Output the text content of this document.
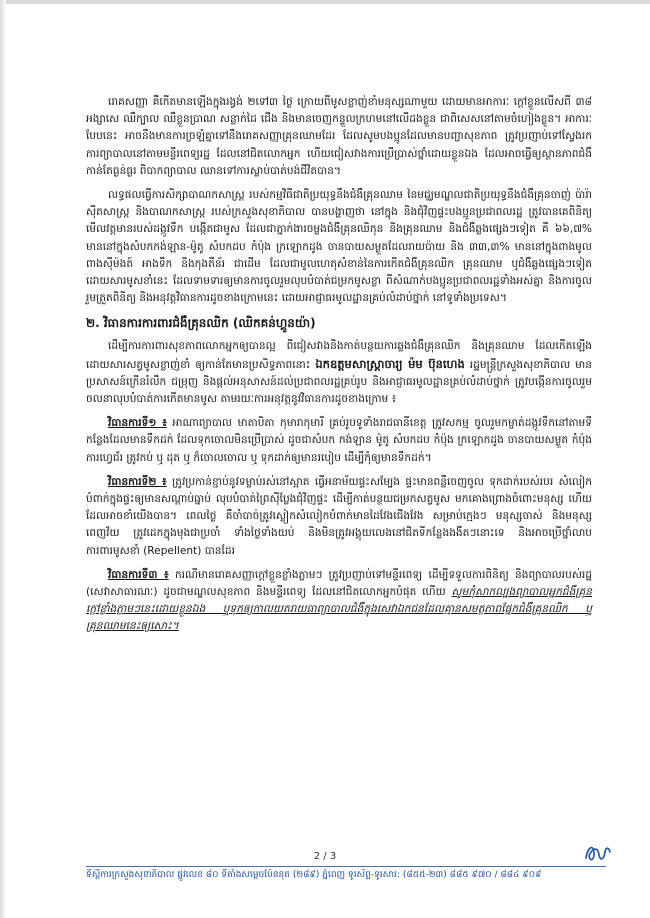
រោគសញ្ញា គឺកើតមានឡើងក្នុងរង្វង់ ២ទៅ៣ ថ្ងៃ ក្រោយពីមូសខ្លាញ់ខាំមនុស្សណាមួយ ដោយមានអាការៈ ក្តៅខ្លួនលើសពី ៣៨ អង្សាសេ ឈឺក្បាល ឈឺខ្លួនប្រាណ សន្លាក់ដៃ ជើង និងមានចេញកន្ទួលក្រហមនៅលើដងខ្លួន ជាពិសេសនៅតាមចំហៀងខ្លួន។ អាការៈបែបនេះ អាចនឹងមានការច្រឡំគ្នាទៅនឹងរោគសញ្ញាគ្រុនឈាមដែរ ដែលសូមបងប្អូនដែលមានបញ្ហាសុខភាព ត្រូវប្រញាប់ទៅស្វែងរកការព្យាបាលនៅតាមមន្ទីរពេទ្យរដ្ឋ ដែលនៅជិតលោកអ្នក ហើយជៀសវាងការប្រើប្រាស់ថ្នាំដោយខ្លួនឯង ដែលអាចធ្វើឲ្យស្ថានភាពជំងឺ កាន់តែធ្ងន់ធ្ងរ ពិបាកព្យាបាល ឈានទៅការស្លាប់បាត់បង់ជីវិតបាន។

លទ្ធផលធ្វើការសិក្សាបាណកសាស្ត្រ របស់កម្មវិធីជាតិប្រយុទ្ធនឹងជំងឺគ្រុនឈាម នៃមជ្ឈមណ្ឌលជាតិប្រយុទ្ធនឹងជំងឺគ្រុនចាញ់ ប៉ារ៉ាស៊ីតសាស្ត្រ និងបាណកសាស្ត្រ របស់ក្រសួងសុខាភិបាល បានបង្ហាញថា នៅក្នុង និងជុំវិញផ្ទះបងប្អូនប្រជាពលរដ្ឋ ត្រូវបានគេពិនិត្យមើលវត្តមានរបស់ដង្កូវទឹក បង្កើតជាមូស ដែលជាភ្នាក់ងារចម្លងជំងឺគ្រុនឈិកុន និងគ្រុនឈាម និងជំងឺឆ្លងផ្សេងៗទៀត គឺ ៦៦,៧% មាននៅក្នុងសំបកកង់ឡាន-ម៉ូតូ សំបកដប កំប៉ុង ក្រឡោកដូង ចានបាយសម្ងួតដែលរាយប៉ាយ និង ៣៣,៣% មាននៅក្នុងពាងមូល ពាងស៊ីម៉ងត៍ អាងទឹក និងកុងតឺន័រ ជាដើម ដែលជាមូលហេតុសំខាន់នៃការកើតជំងឺគ្រុនឈិក គ្រុនឈាម ឬជំងឺឆ្លងផ្សេងៗទៀតដោយសារមូសខាំនេះ ដែលទាមទារឲ្យមានការចូលរួមលុបបំបាត់ជម្រកមូសខ្លា ពីសំណាក់បងប្អូនប្រជាពលរដ្ឋទាំងអស់គ្នា និងការចូលរួមត្រួតពិនិត្យ និងអនុវត្តវិធានការដូចខាងក្រោមនេះ ដោយអាជ្ញាធរមូលដ្ឋានគ្រប់លំដាប់ថ្នាក់ នៅទូទាំងប្រទេស។

២. វិធានការការពារជំងឺគ្រុនឈិក (ឈិកគន់ហ្គូនយ៉ា)

ដើម្បីការការពារសុខភាពលោកអ្នកឲ្យបានល្អ ពីជៀសវាងនិងកាត់បន្ថយការឆ្លងជំងឺគ្រុនឈិក និងគ្រុនឈាម ដែលកើតឡើងដោយសារសត្វមូសខ្លាញ់ខាំ ឲ្យកាន់តែមានប្រសិទ្ធភាពនោះ ឯកឧត្តមសាស្ត្រាចារ្យ ម៉ម ប៊ុនហេង រដ្ឋមន្ត្រីក្រសួងសុខាភិបាល មានប្រសាសន៍ក្រើនរំលឹក ជម្រុញ និងផ្តល់អនុសាសន៍ដល់ប្រជាពលរដ្ឋគ្រប់រូប និងអាជ្ញាធរមូលដ្ឋានគ្រប់លំដាប់ថ្នាក់ ត្រូវបង្កើនការចូលរួមចលនាលុបបំបាត់ការកើតមានមូស តាមរយៈការអនុវត្តនូវវិធានការដូចខាងក្រោម ៖

វិធានការទី១ ៖ អាណាព្យាបាល មាតាបិតា កុមារាកុមារី គ្រប់រូបទូទាំងរាជធានីខេត្ត ត្រូវសកម្ម ចូលរួមកម្ចាត់ដង្កូវទឹកនៅតាមទីកន្លែងដែលមានទឹកដក់ ដែលទុកចោលមិនប្រើប្រាស់ ដូចជាសំបក កង់ឡាន ម៉ូតូ សំបកដប កំប៉ុង ក្រឡោកដូង ចានបាយសម្ងួត កំប៉ុងការហ្វេជ័រ ត្រូវកប់ ឬ ដុត ឬ ក៏ចោលចោល ឬ ទុកដាក់ឲ្យមានរបៀប ដើម្បីកុំឲ្យមានទឹកដក់។

វិធានការទី២ ៖ ត្រូវប្រកាន់ខ្ជាប់នូវទម្លាប់រស់នៅស្អាត ធ្វើអនាម័យផ្ទះសម្បែង ផ្ទះមានពន្លឺចេញចូល ទុកដាក់របស់របរ សំលៀកបំពាក់ក្នុងផ្ទះឲ្យមានសណ្តាប់ធ្នាប់ លុបបំបាត់ព្រៃស៊ីប្លែងជុំវិញផ្ទះ ដើម្បីកាត់បន្ថយជម្រកសត្វមូស មកគោងព្រោងចំពោះមនុស្ស ហើយដែលអាចខាំយើងបាន។ ពេលថ្ងៃ គឺចាំបាច់ត្រូវស្លៀកសំលៀកបំពាក់មានដៃវែងជើងវែង សម្រាប់ក្មេងៗ មនុស្សចាស់ និងមនុស្សពេញវ័យ ត្រូវដេកក្នុងមុងជាប្រចាំ ទាំងថ្ងៃទាំងយប់ និងមិនត្រូវអង្គុយលេងនៅជិតទីកន្លែងងងឹតៗនោះទេ និងអាចប្រើថ្នាំលាបការពារមូសខាំ (Repellent) បានដែរ

វិធានការទី៣ ៖ ករណីមានរោគសញ្ញាក្តៅខ្លួនខ្លាំងភ្លាមៗ ត្រូវប្រញាប់ទៅមន្ទីរពេទ្យ ដើម្បីទទួលការពិនិត្យ និងព្យាបាលរបស់រដ្ឋ (សេវាសាធារណៈ) ដូចជាមណ្ឌលសុខភាព និងមន្ទីរពេទ្យ ដែលនៅជិតលោកអ្នកបំផុត ហើយ សូមកុំសាកល្បងព្យាបាលអ្នកជំងឺគ្រុនក្តៅខ្លាំងភ្លាមៗនេះដោយខ្លួនឯង ឬទុកឲ្យកាលយតរាយធាព្យាបាលជំងឺក្នុងសេវាឯកជនដែលគ្មានសមត្ថភាពផ្នែកជំងឺគ្រុនឈិក ឬគ្រុនឈាមនេះឲ្យសោះ។

2 / 3
ទីស្តីការក្រសួងសុខាភិបាល ផ្លូវលេខ ៨០ ទីតាំងសម្តេចប៉ែននុត (២៨៩) ភ្នំពេញ ទូរស័ព្ទ-ទូរសារ: (៨៥៥-២៣) ៨៨៥ ៩៧០ / ៨៨៤ ៩០៩
